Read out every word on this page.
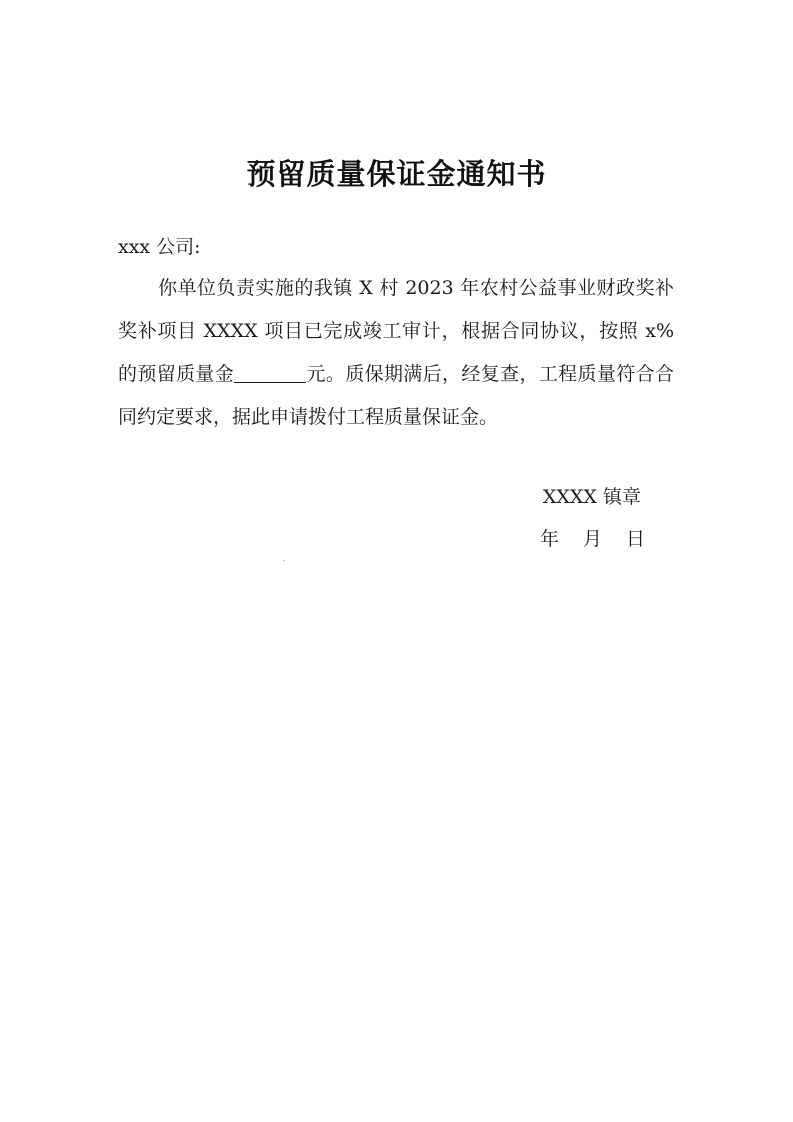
预留质量保证金通知书

xxx 公司:

你单位负责实施的我镇 X 村 2023 年农村公益事业财政奖补奖补项目 XXXX 项目已完成竣工审计，根据合同协议，按照 x%的预留质量金	元。质保期满后，经复查，工程质量符合合同约定要求，据此申请拨付工程质量保证金。

XXXX 镇章

年 月 日
